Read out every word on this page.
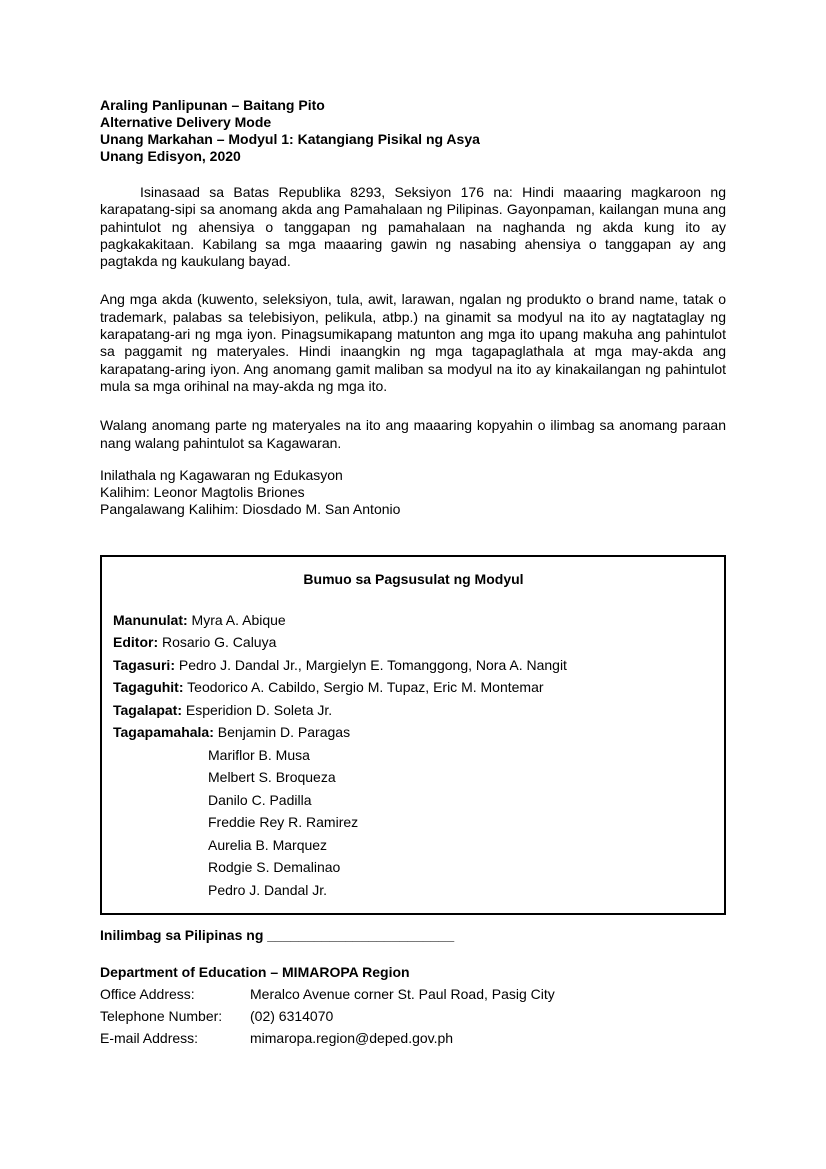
Araling Panlipunan – Baitang Pito
Alternative Delivery Mode
Unang Markahan – Modyul 1: Katangiang Pisikal ng Asya
Unang Edisyon, 2020

Isinasaad sa Batas Republika 8293, Seksiyon 176 na: Hindi maaaring magkaroon ng karapatang-sipi sa anomang akda ang Pamahalaan ng Pilipinas. Gayonpaman, kailangan muna ang pahintulot ng ahensiya o tanggapan ng pamahalaan na naghanda ng akda kung ito ay pagkakakitaan. Kabilang sa mga maaaring gawin ng nasabing ahensiya o tanggapan ay ang pagtakda ng kaukulang bayad.

Ang mga akda (kuwento, seleksiyon, tula, awit, larawan, ngalan ng produkto o brand name, tatak o trademark, palabas sa telebisiyon, pelikula, atbp.) na ginamit sa modyul na ito ay nagtataglay ng karapatang-ari ng mga iyon. Pinagsumikapang matunton ang mga ito upang makuha ang pahintulot sa paggamit ng materyales. Hindi inaangkin ng mga tagapaglathala at mga may-akda ang karapatang-aring iyon. Ang anomang gamit maliban sa modyul na ito ay kinakailangan ng pahintulot mula sa mga orihinal na may-akda ng mga ito.

Walang anomang parte ng materyales na ito ang maaaring kopyahin o ilimbag sa anomang paraan nang walang pahintulot sa Kagawaran.

Inilathala ng Kagawaran ng Edukasyon
Kalihim: Leonor Magtolis Briones
Pangalawang Kalihim: Diosdado M. San Antonio
Bumuo sa Pagsusulat ng Modyul
Manunulat: Myra A. Abique
Editor: Rosario G. Caluya
Tagasuri: Pedro J. Dandal Jr., Margielyn E. Tomanggong, Nora A. Nangit
Tagaguhit: Teodorico A. Cabildo, Sergio M. Tupaz, Eric M. Montemar
Tagalapat: Esperidion D. Soleta Jr.
Tagapamahala: Benjamin D. Paragas
Mariflor B. Musa
Melbert S. Broqueza
Danilo C. Padilla
Freddie Rey R. Ramirez
Aurelia B. Marquez
Rodgie S. Demalinao
Pedro J. Dandal Jr.
Inilimbag sa Pilipinas ng ________________________
Department of Education – MIMAROPA Region
Office Address:	Meralco Avenue corner St. Paul Road, Pasig City
Telephone Number: (02) 6314070
E-mail Address:	mimaropa.region@deped.gov.ph
